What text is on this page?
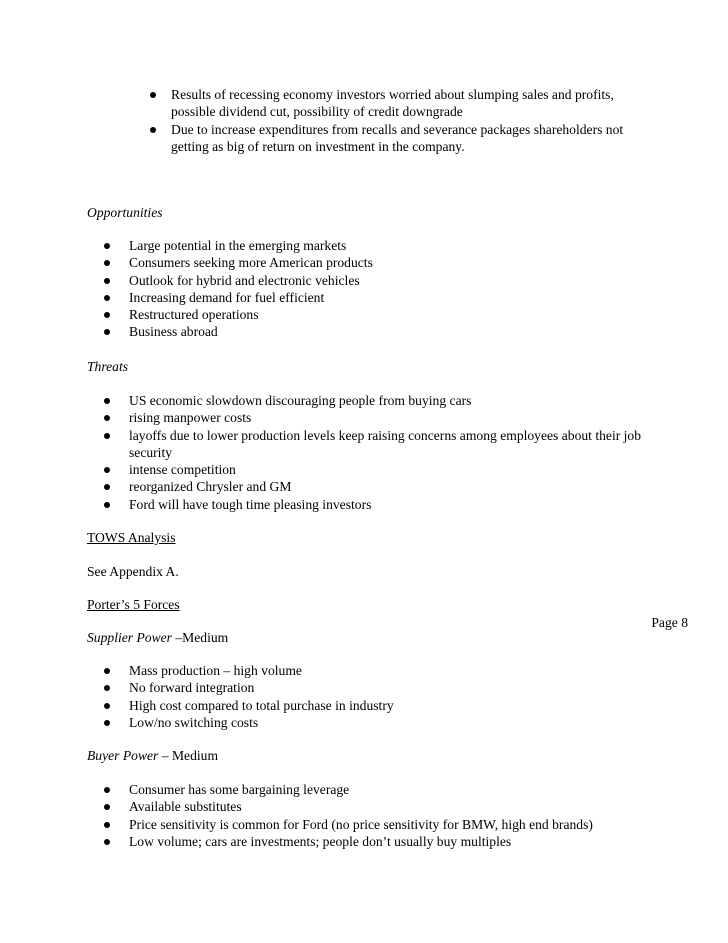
Results of recessing economy investors worried about slumping sales and profits, possible dividend cut, possibility of credit downgrade
Due to increase expenditures from recalls and severance packages shareholders not getting as big of return on investment in the company.
Opportunities
Large potential in the emerging markets
Consumers seeking more American products
Outlook for hybrid and electronic vehicles
Increasing demand for fuel efficient
Restructured operations
Business abroad
Threats
US economic slowdown discouraging people from buying cars
rising manpower costs
layoffs due to lower production levels keep raising concerns among employees about their job security
intense competition
reorganized Chrysler and GM
Ford will have tough time pleasing investors
TOWS Analysis
See Appendix A.
Porter’s 5 Forces
Page 8
Supplier Power –Medium
Mass production – high volume
No forward integration
High cost compared to total purchase in industry
Low/no switching costs
Buyer Power – Medium
Consumer has some bargaining leverage
Available substitutes
Price sensitivity is common for Ford (no price sensitivity for BMW, high end brands)
Low volume; cars are investments; people don’t usually buy multiples
